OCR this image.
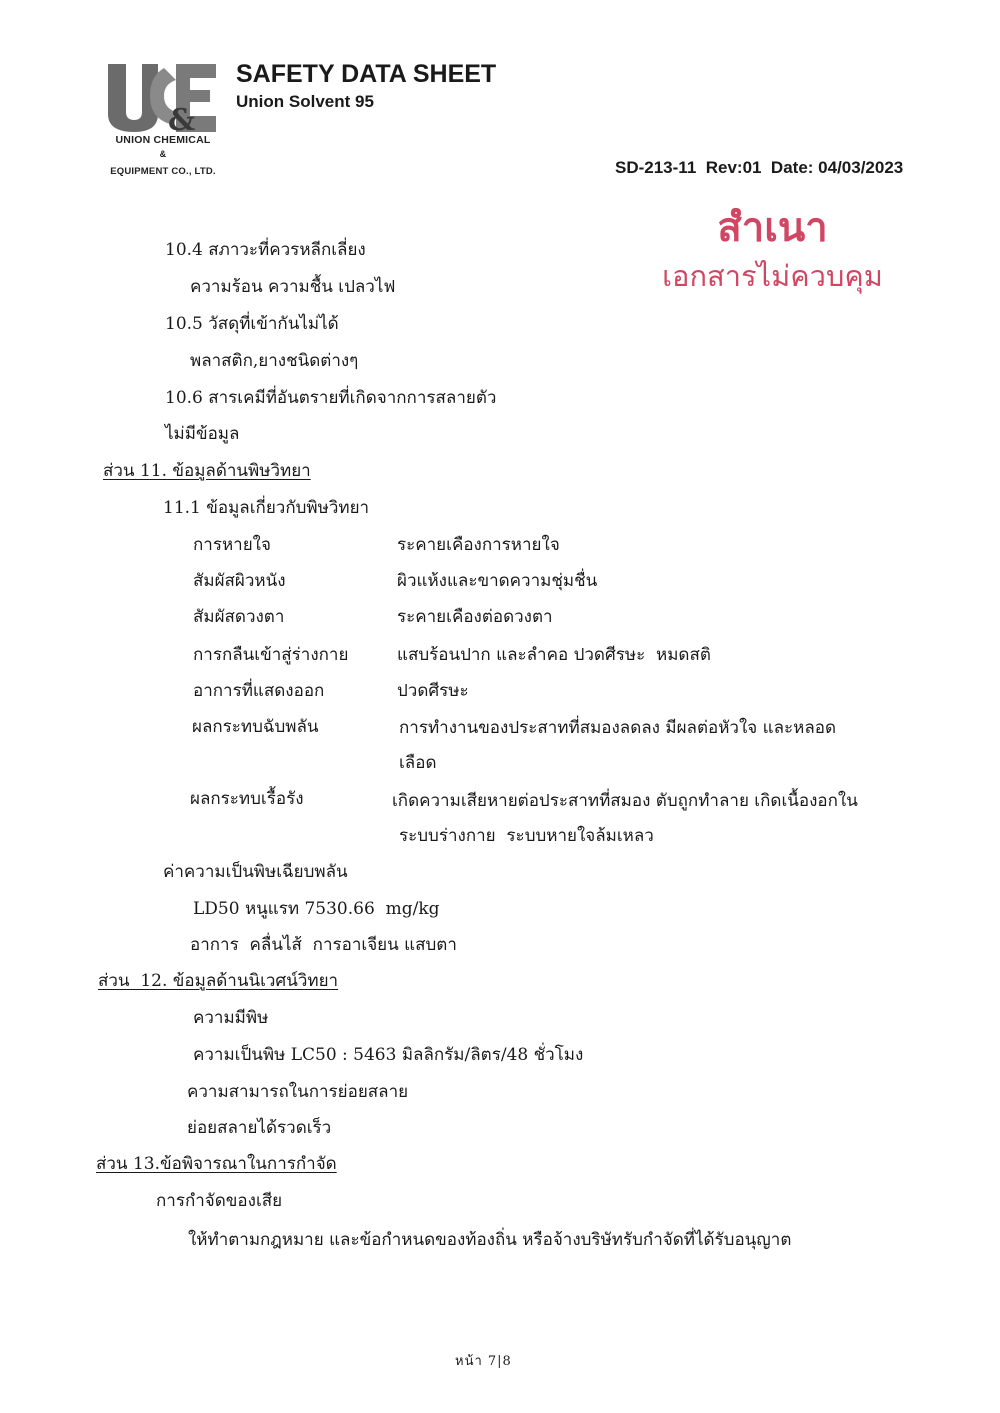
&
UNION CHEMICAL
&
EQUIPMENT CO., LTD.
SAFETY DATA SHEET
Union Solvent 95
SD-213-11  Rev:01  Date: 04/03/2023
สำเนา
เอกสารไม่ควบคุม
10.4 สภาวะที่ควรหลีกเลี่ยง
ความร้อน ความชื้น เปลวไฟ
10.5 วัสดุที่เข้ากันไม่ได้
พลาสติก,ยางชนิดต่างๆ
10.6 สารเคมีที่อันตรายที่เกิดจากการสลายตัว
ไม่มีข้อมูล
ส่วน 11. ข้อมูลด้านพิษวิทยา
11.1 ข้อมูลเกี่ยวกับพิษวิทยา
การหายใจ	ระคายเคืองการหายใจ
สัมผัสผิวหนัง	ผิวแห้งและขาดความชุ่มชื่น
สัมผัสดวงตา	ระคายเคืองต่อดวงตา
การกลืนเข้าสู่ร่างกาย	แสบร้อนปาก และลำคอ ปวดศีรษะ  หมดสติ
อาการที่แสดงออก	ปวดศีรษะ
ผลกระทบฉับพลัน	การทำงานของประสาทที่สมองลดลง มีผลต่อหัวใจ และหลอด
เลือด
ผลกระทบเรื้อรัง	เกิดความเสียหายต่อประสาทที่สมอง ตับถูกทำลาย เกิดเนื้องอกใน
ระบบร่างกาย  ระบบหายใจล้มเหลว
ค่าความเป็นพิษเฉียบพลัน
LD50 หนูแรท 7530.66  mg/kg
อาการ  คลื่นไส้  การอาเจียน แสบตา
ส่วน  12. ข้อมูลด้านนิเวศน์วิทยา
ความมีพิษ
ความเป็นพิษ LC50 : 5463 มิลลิกรัม/ลิตร/48 ชั่วโมง
ความสามารถในการย่อยสลาย
ย่อยสลายได้รวดเร็ว
ส่วน 13.ข้อพิจารณาในการกำจัด
การกำจัดของเสีย
ให้ทำตามกฎหมาย และข้อกำหนดของท้องถิ่น หรือจ้างบริษัทรับกำจัดที่ได้รับอนุญาต
หน้า 7|8
